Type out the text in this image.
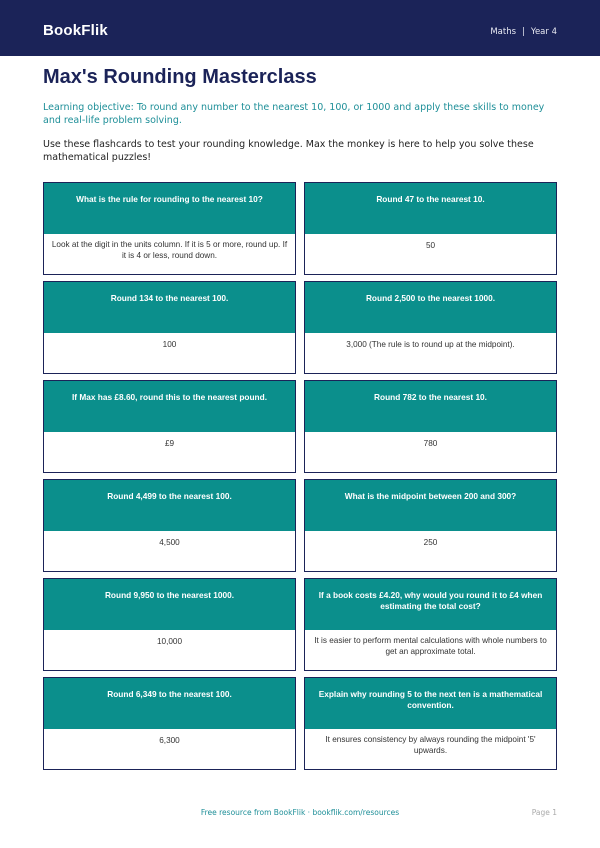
BookFlik	Maths | Year 4
Max's Rounding Masterclass

Learning objective: To round any number to the nearest 10, 100, or 1000 and apply these skills to money and real-life problem solving.

Use these flashcards to test your rounding knowledge. Max the monkey is here to help you solve these mathematical puzzles!

What is the rule for rounding to the nearest 10?
Look at the digit in the units column. If it is 5 or more, round up. If it is 4 or less, round down.
Round 47 to the nearest 10.
50
Round 134 to the nearest 100.
100
Round 2,500 to the nearest 1000.
3,000 (The rule is to round up at the midpoint).
If Max has £8.60, round this to the nearest pound.
£9
Round 782 to the nearest 10.
780
Round 4,499 to the nearest 100.
4,500
What is the midpoint between 200 and 300?
250
Round 9,950 to the nearest 1000.
10,000
If a book costs £4.20, why would you round it to £4 when estimating the total cost?
It is easier to perform mental calculations with whole numbers to get an approximate total.
Round 6,349 to the nearest 100.
6,300
Explain why rounding 5 to the next ten is a mathematical convention.
It ensures consistency by always rounding the midpoint '5' upwards.
Free resource from BookFlik · bookflik.com/resources	Page 1
